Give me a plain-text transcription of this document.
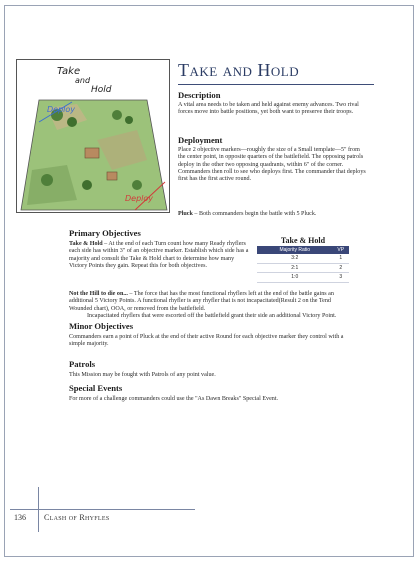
Take
and
Hold
Deploy
Deploy
Take and Hold
Description
A vital area needs to be taken and held against enemy advances. Two rival forces move into battle positions, yet both want to preserve their troops.
Deployment
Place 2 objective markers—roughly the size of a Small template—5" from the center point, in opposite quarters of the battlefield. The opposing patrols deploy in the other two opposing quadrants, within 6" of the corner. Commanders then roll to see who deploys first. The commander that deploys first has the first active round.
Pluck – Both commanders begin the battle with 5 Pluck.
Primary Objectives
Take & Hold – At the end of each Turn count how many Ready rhyflers each side has within 3" of an objective marker. Establish which side has a majority and consult the Take & Hold chart to determine how many Victory Points they gain. Repeat this for both objectives.
Take & Hold
Majority Ratio	VP
3:2	1
2:1	2
1:0	3
Not the Hill to die on... – The force that has the most functional rhyflers left at the end of the battle gains an additional 5 Victory Points. A functional rhyfler is any rhyfler that is not incapacitated(Result 2 on the Tend Wounded chart), OOA, or removed from the battlefield.
Incapacitated rhyflers that were escorted off the battlefield grant their side an additional Victory Point.
Minor Objectives
Commanders earn a point of Pluck at the end of their active Round for each objective marker they control with a simple majority.
Patrols
This Mission may be fought with Patrols of any point value.
Special Events
For more of a challenge commanders could use the "As Dawn Breaks" Special Event.
136 Clash of Rhyfles
